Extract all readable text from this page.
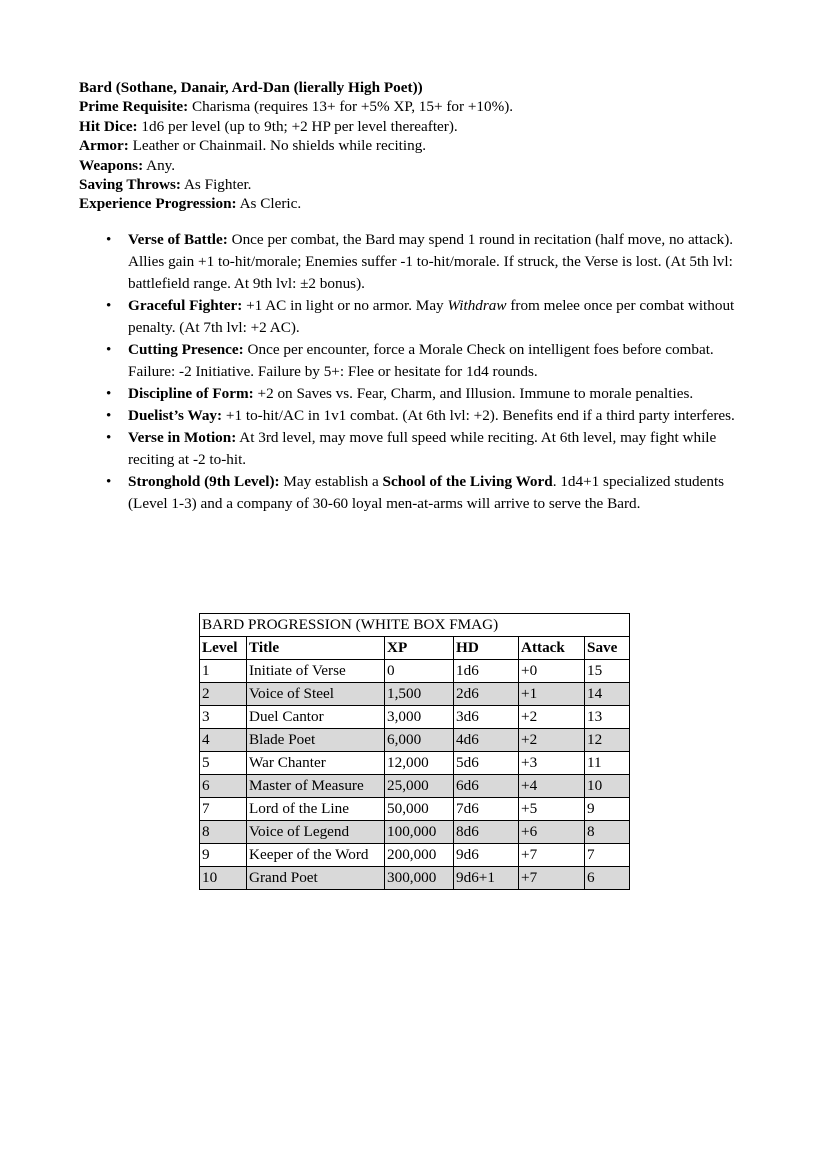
Bard (Sothane, Danair, Ard-Dan (lierally High Poet))
Prime Requisite: Charisma (requires 13+ for +5% XP, 15+ for +10%).
Hit Dice: 1d6 per level (up to 9th; +2 HP per level thereafter).
Armor: Leather or Chainmail. No shields while reciting.
Weapons: Any.
Saving Throws: As Fighter.
Experience Progression: As Cleric.
• Verse of Battle: Once per combat, the Bard may spend 1 round in recitation (half move, no attack). Allies gain +1 to-hit/morale; Enemies suffer -1 to-hit/morale. If struck, the Verse is lost. (At 5th lvl: battlefield range. At 9th lvl: ±2 bonus).
• Graceful Fighter: +1 AC in light or no armor. May Withdraw from melee once per combat without penalty. (At 7th lvl: +2 AC).
• Cutting Presence: Once per encounter, force a Morale Check on intelligent foes before combat. Failure: -2 Initiative. Failure by 5+: Flee or hesitate for 1d4 rounds.
• Discipline of Form: +2 on Saves vs. Fear, Charm, and Illusion. Immune to morale penalties.
• Duelist’s Way: +1 to-hit/AC in 1v1 combat. (At 6th lvl: +2). Benefits end if a third party interferes.
• Verse in Motion: At 3rd level, may move full speed while reciting. At 6th level, may fight while reciting at -2 to-hit.
• Stronghold (9th Level): May establish a School of the Living Word. 1d4+1 specialized students (Level 1-3) and a company of 30-60 loyal men-at-arms will arrive to serve the Bard.
BARD PROGRESSION (WHITE BOX FMAG)					
Level	Title	XP	HD	Attack	Save
1	Initiate of Verse	0	1d6	+0	15
2	Voice of Steel	1,500	2d6	+1	14
3	Duel Cantor	3,000	3d6	+2	13
4	Blade Poet	6,000	4d6	+2	12
5	War Chanter	12,000	5d6	+3	11
6	Master of Measure	25,000	6d6	+4	10
7	Lord of the Line	50,000	7d6	+5	9
8	Voice of Legend	100,000	8d6	+6	8
9	Keeper of the Word	200,000	9d6	+7	7
10	Grand Poet	300,000	9d6+1	+7	6
